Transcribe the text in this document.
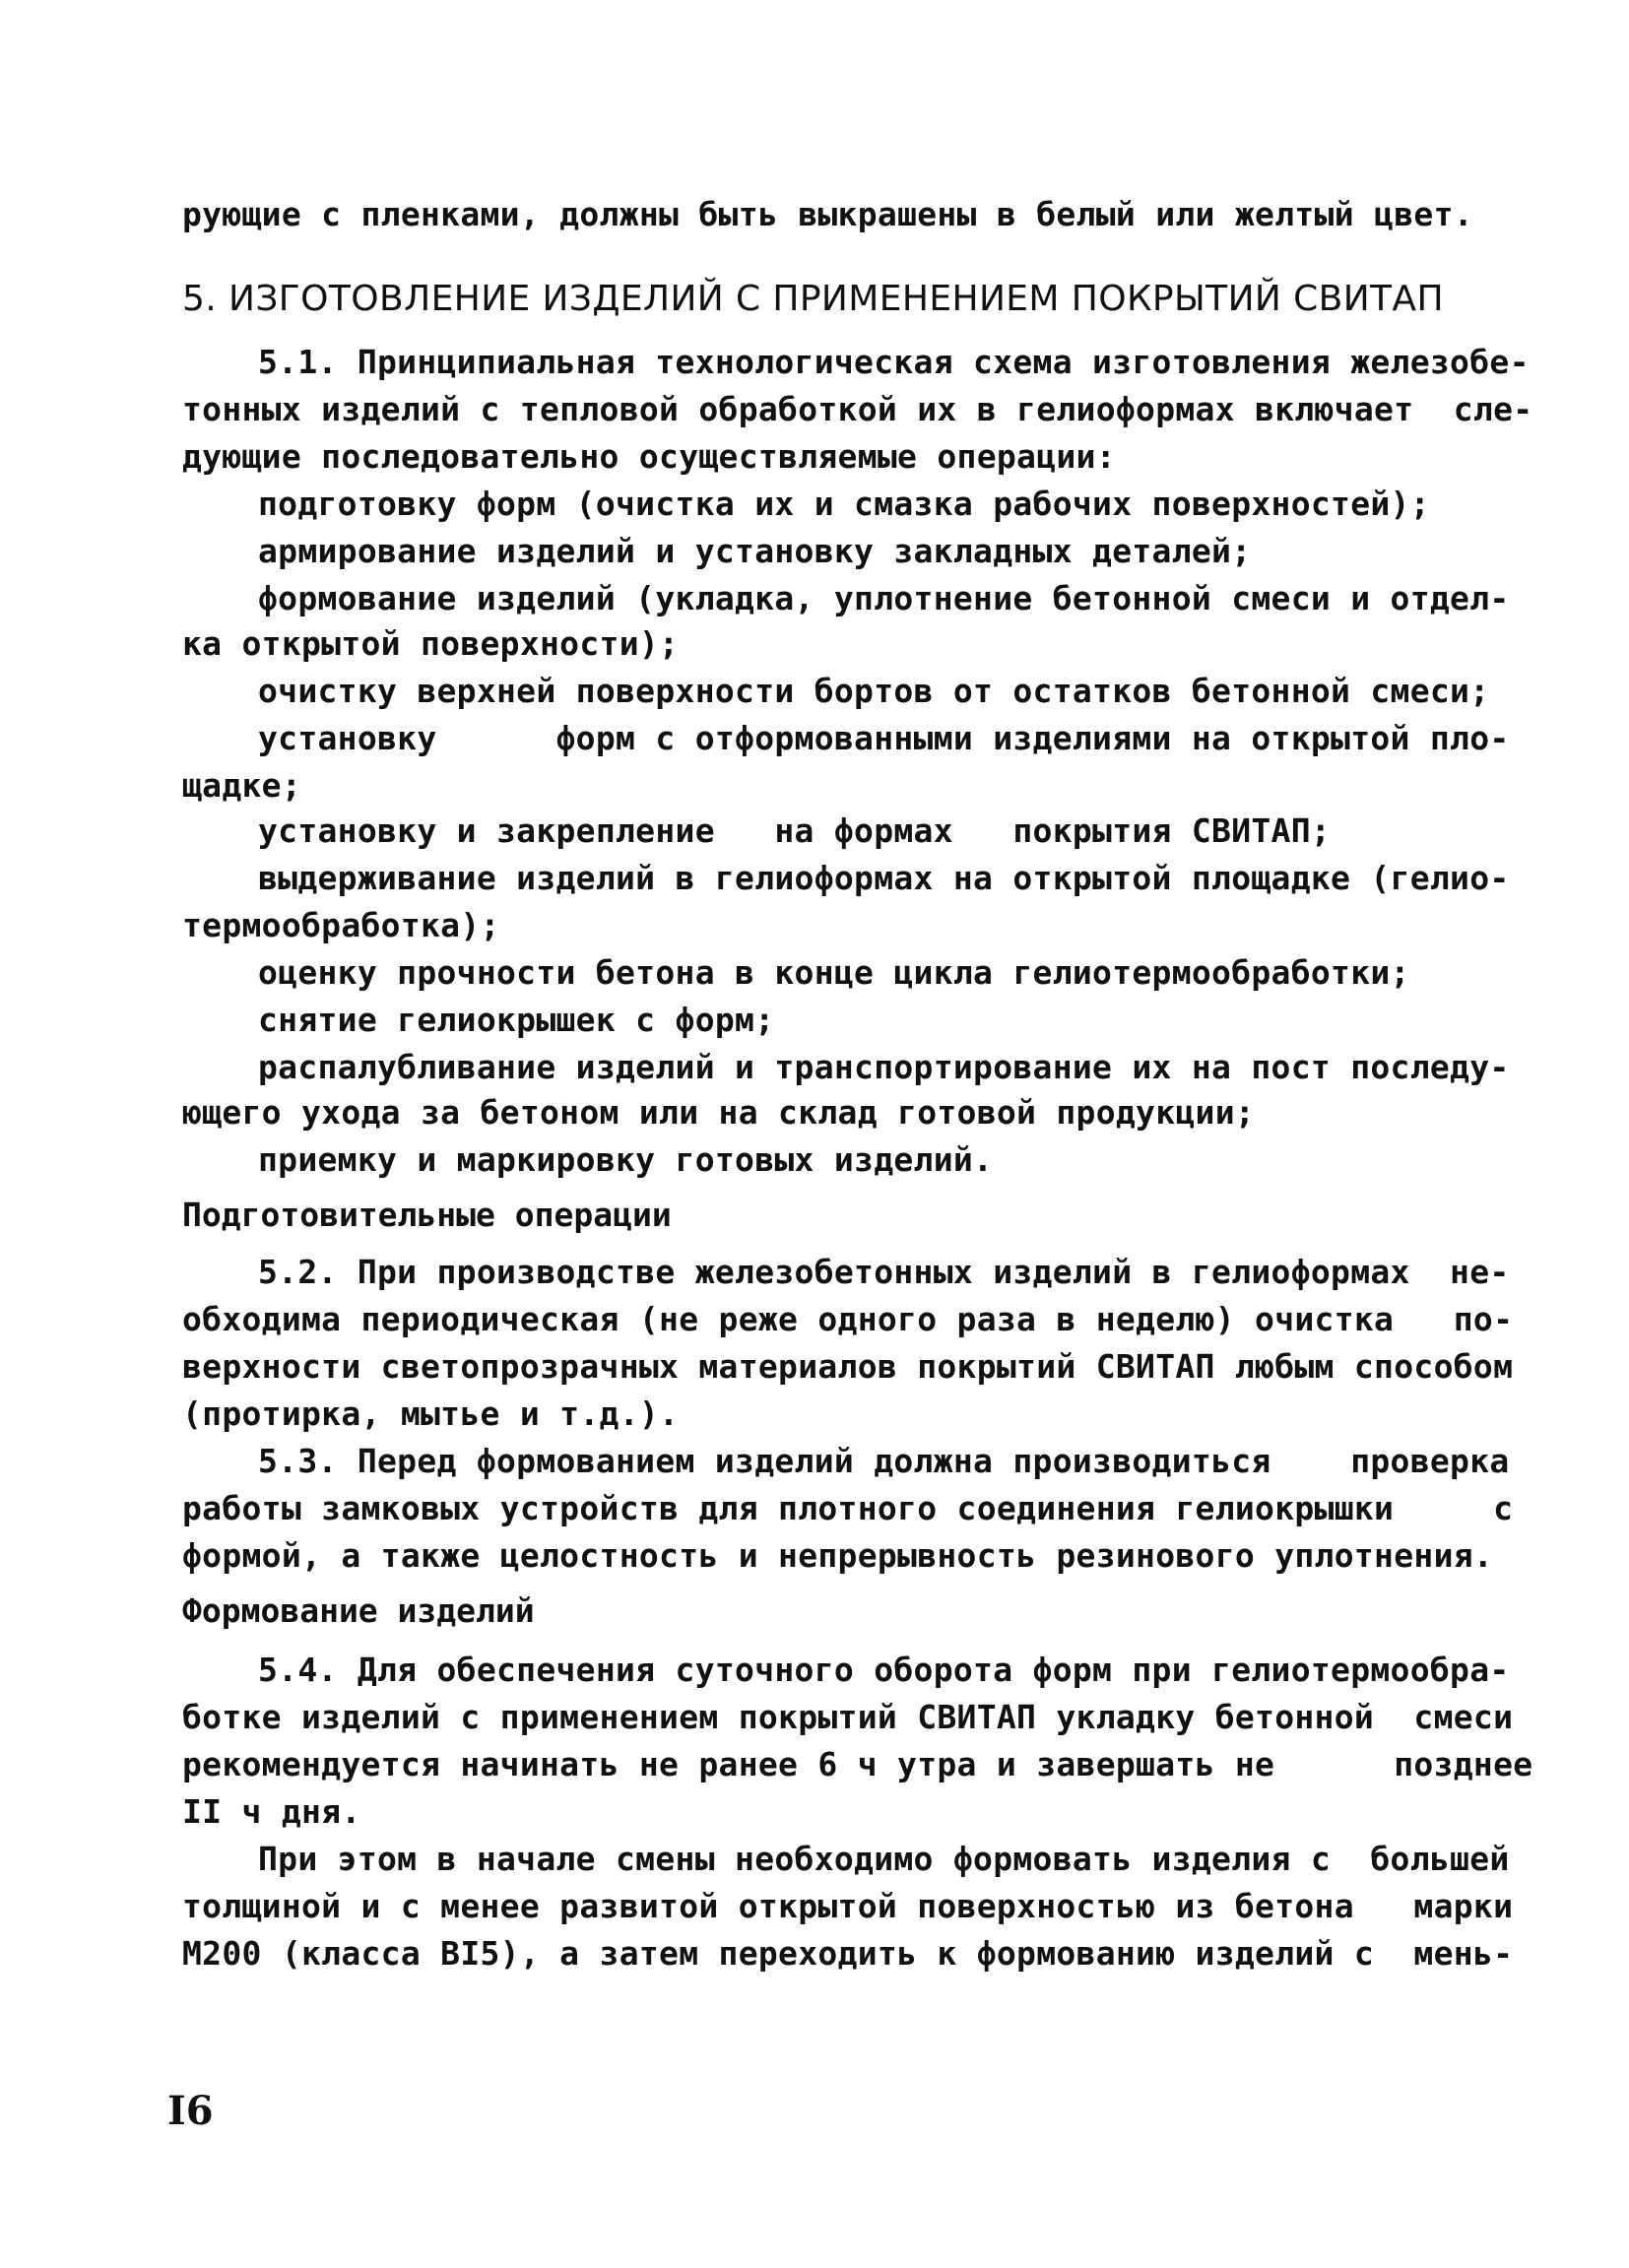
рующие с пленками, должны быть выкрашены в белый или желтый цвет.
5. ИЗГОТОВЛЕНИЕ ИЗДЕЛИЙ С ПРИМЕНЕНИЕМ ПОКРЫТИЙ СВИТАП
5.1. Принципиальная технологическая схема изготовления железобе-
тонных изделий с тепловой обработкой их в гелиоформах включает  сле-
дующие последовательно осуществляемые операции:
подготовку форм (очистка их и смазка рабочих поверхностей);
армирование изделий и установку закладных деталей;
формование изделий (укладка, уплотнение бетонной смеси и отдел-
ка открытой поверхности);
очистку верхней поверхности бортов от остатков бетонной смеси;
установку      форм с отформованными изделиями на открытой пло-
щадке;
установку и закрепление   на формах   покрытия СВИТАП;
выдерживание изделий в гелиоформах на открытой площадке (гелио-
термообработка);
оценку прочности бетона в конце цикла гелиотермообработки;
снятие гелиокрышек с форм;
распалубливание изделий и транспортирование их на пост последу-
ющего ухода за бетоном или на склад готовой продукции;
приемку и маркировку готовых изделий.
Подготовительные операции
5.2. При производстве железобетонных изделий в гелиоформах  не-
обходима периодическая (не реже одного раза в неделю) очистка   по-
верхности светопрозрачных материалов покрытий СВИТАП любым способом
(протирка, мытье и т.д.).
5.3. Перед формованием изделий должна производиться    проверка
работы замковых устройств для плотного соединения гелиокрышки     с
формой, а также целостность и непрерывность резинового уплотнения.
Формование изделий
5.4. Для обеспечения суточного оборота форм при гелиотермообра-
ботке изделий с применением покрытий СВИТАП укладку бетонной  смеси
рекомендуется начинать не ранее 6 ч утра и завершать не      позднее
II ч дня.
При этом в начале смены необходимо формовать изделия с  большей
толщиной и с менее развитой открытой поверхностью из бетона   марки
М200 (класса ВI5), а затем переходить к формованию изделий с  мень-
I6
